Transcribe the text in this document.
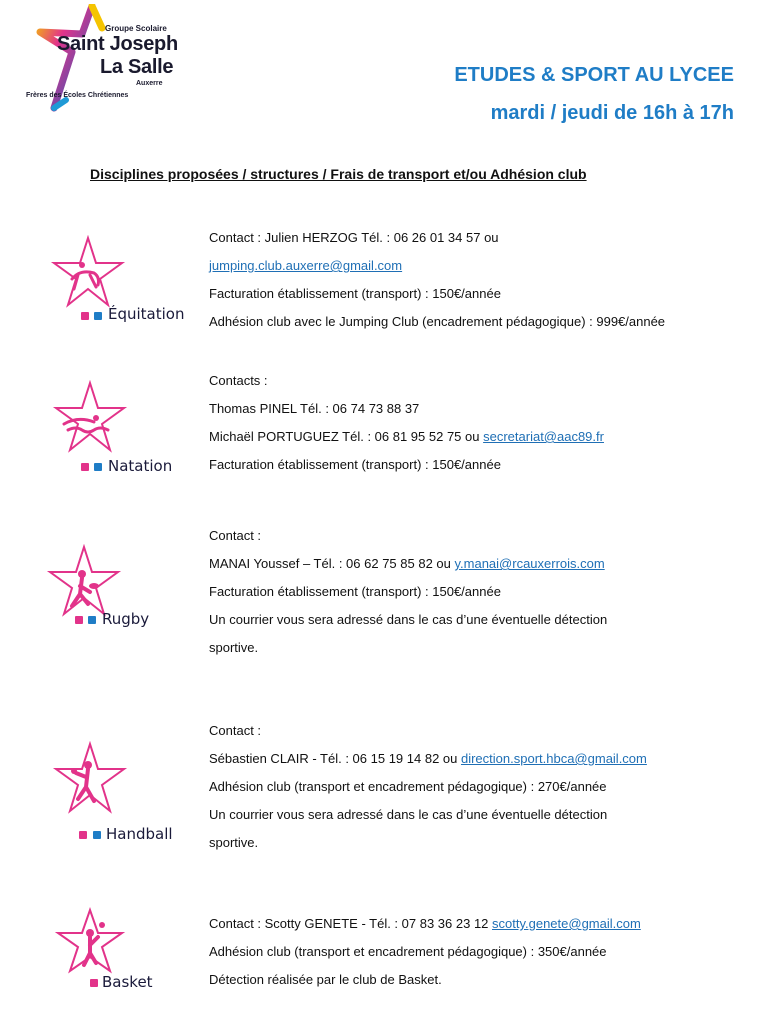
Groupe Scolaire
Saint Joseph
La Salle
Auxerre
Frères des Écoles Chrétiennes
ETUDES & SPORT AU LYCEE
mardi / jeudi de 16h à 17h
Disciplines proposées / structures / Frais de transport et/ou Adhésion club
Équitation
Contact : Julien HERZOG Tél. : 06 26 01 34 57 ou
jumping.club.auxerre@gmail.com
Facturation établissement (transport) : 150€/année
Adhésion club avec le Jumping Club (encadrement pédagogique) : 999€/année
Natation
Contacts :
Thomas PINEL Tél. : 06 74 73 88 37
Michaël PORTUGUEZ Tél. : 06 81 95 52 75 ou secretariat@aac89.fr
Facturation établissement (transport) : 150€/année
Rugby
Contact :
MANAI Youssef – Tél. : 06 62 75 85 82 ou y.manai@rcauxerrois.com
Facturation établissement (transport) : 150€/année
Un courrier vous sera adressé dans le cas d’une éventuelle détection
sportive.
Handball
Contact :
Sébastien CLAIR - Tél. : 06 15 19 14 82 ou direction.sport.hbca@gmail.com
Adhésion club (transport et encadrement pédagogique) : 270€/année
Un courrier vous sera adressé dans le cas d’une éventuelle détection
sportive.
Basket
Contact : Scotty GENETE - Tél. : 07 83 36 23 12 scotty.genete@gmail.com
Adhésion club (transport et encadrement pédagogique) : 350€/année
Détection réalisée par le club de Basket.
